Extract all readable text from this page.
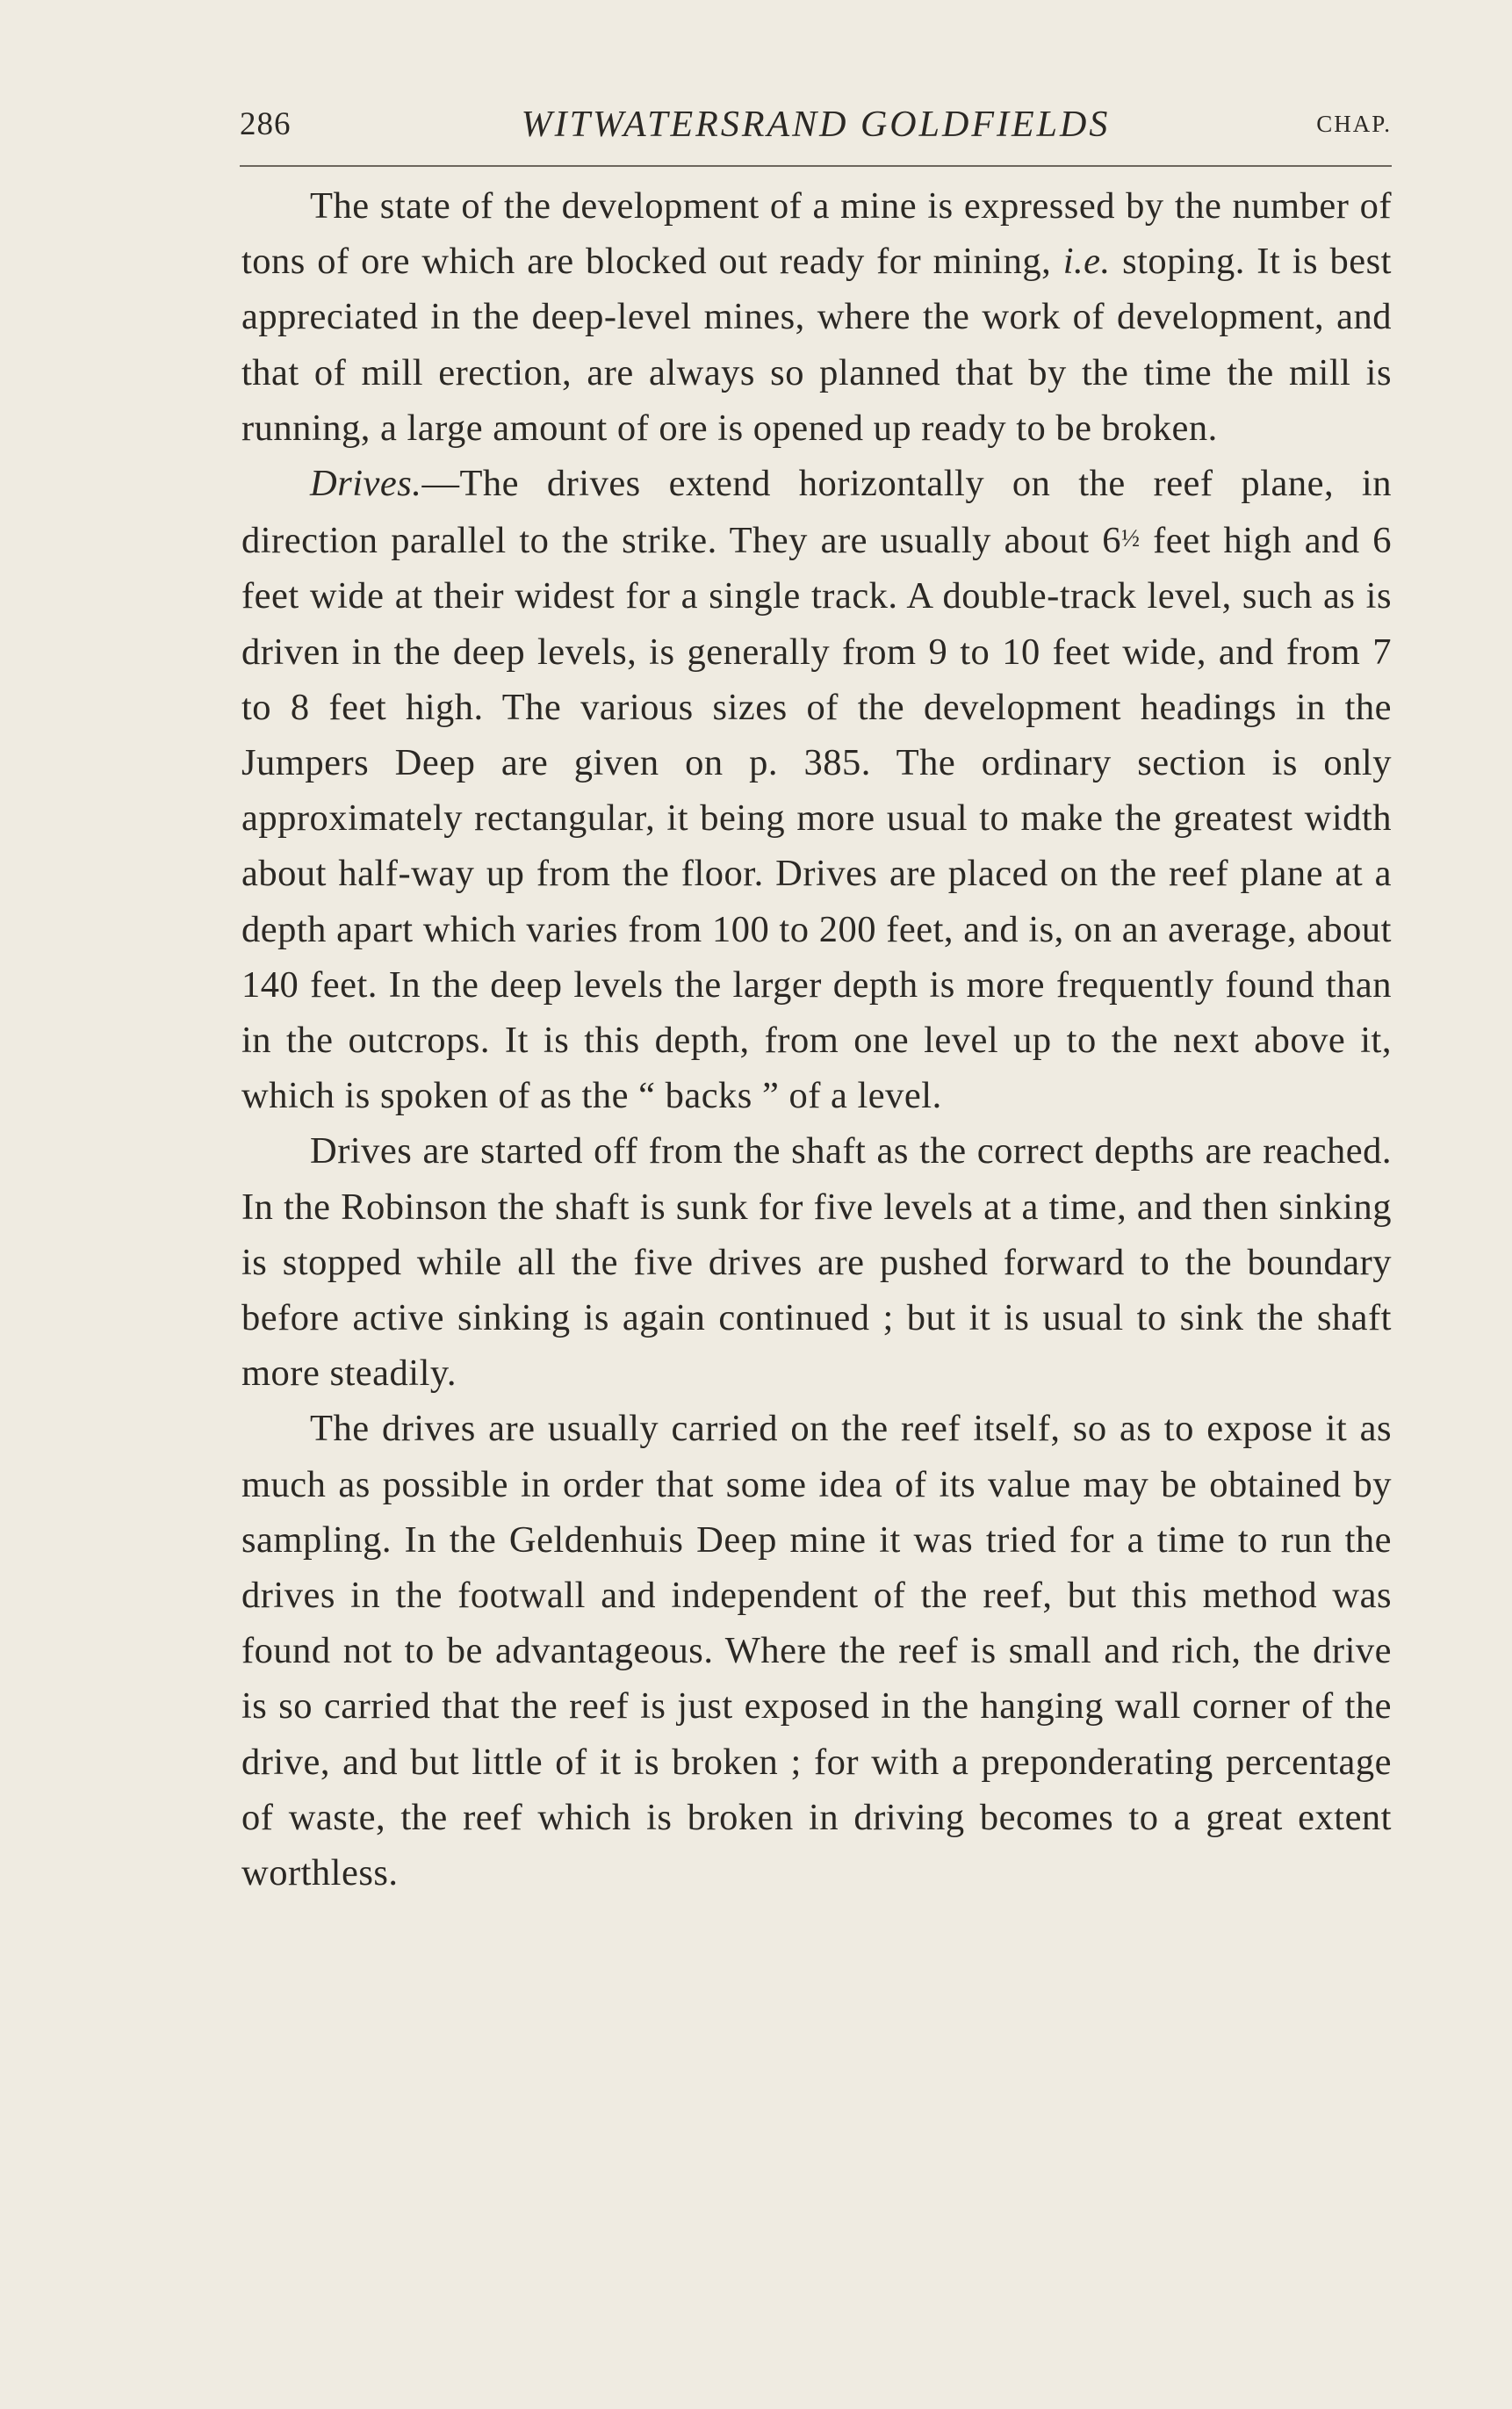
286	WITWATERSRAND GOLDFIELDS	CHAP.

The state of the development of a mine is expressed by the number of tons of ore which are blocked out ready for mining, i.e. stoping. It is best appreciated in the deep-level mines, where the work of development, and that of mill erection, are always so planned that by the time the mill is running, a large amount of ore is opened up ready to be broken.

Drives.—The drives extend horizontally on the reef plane, in direction parallel to the strike. They are usually about 6½ feet high and 6 feet wide at their widest for a single track. A double-track level, such as is driven in the deep levels, is generally from 9 to 10 feet wide, and from 7 to 8 feet high. The various sizes of the development headings in the Jumpers Deep are given on p. 385. The ordinary section is only approximately rectangular, it being more usual to make the greatest width about half-way up from the floor. Drives are placed on the reef plane at a depth apart which varies from 100 to 200 feet, and is, on an average, about 140 feet. In the deep levels the larger depth is more frequently found than in the outcrops. It is this depth, from one level up to the next above it, which is spoken of as the “ backs ” of a level.

Drives are started off from the shaft as the correct depths are reached. In the Robinson the shaft is sunk for five levels at a time, and then sinking is stopped while all the five drives are pushed forward to the boundary before active sinking is again continued ; but it is usual to sink the shaft more steadily.

The drives are usually carried on the reef itself, so as to expose it as much as possible in order that some idea of its value may be obtained by sampling. In the Geldenhuis Deep mine it was tried for a time to run the drives in the footwall and independent of the reef, but this method was found not to be advantageous. Where the reef is small and rich, the drive is so carried that the reef is just exposed in the hanging wall corner of the drive, and but little of it is broken ; for with a preponderating percentage of waste, the reef which is broken in driving becomes to a great extent worthless.
